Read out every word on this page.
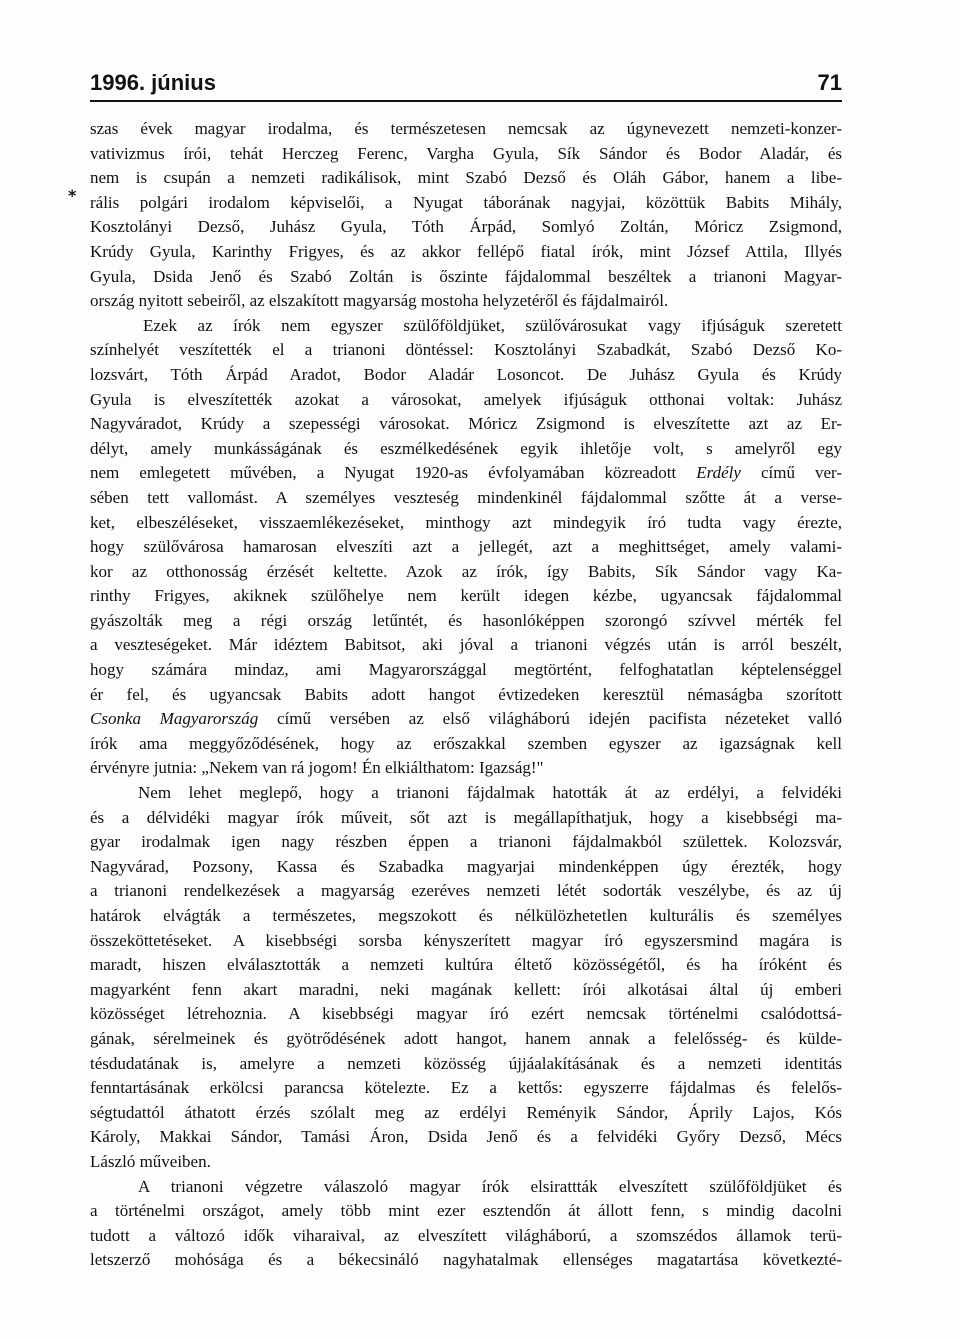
1996. június	71
*
szas évek magyar irodalma, és természetesen nemcsak az úgynevezett nemzeti-konzer-
vativizmus írói, tehát Herczeg Ferenc, Vargha Gyula, Sík Sándor és Bodor Aladár, és
nem is csupán a nemzeti radikálisok, mint Szabó Dezső és Oláh Gábor, hanem a libe-
rális polgári irodalom képviselői, a Nyugat táborának nagyjai, közöttük Babits Mihály,
Kosztolányi Dezső, Juhász Gyula, Tóth Árpád, Somlyó Zoltán, Móricz Zsigmond,
Krúdy Gyula, Karinthy Frigyes, és az akkor fellépő fiatal írók, mint József Attila, Illyés
Gyula, Dsida Jenő és Szabó Zoltán is őszinte fájdalommal beszéltek a trianoni Magyar-
ország nyitott sebeiről, az elszakított magyarság mostoha helyzetéről és fájdalmairól.
Ezek az írók nem egyszer szülőföldjüket, szülővárosukat vagy ifjúságuk szeretett
színhelyét veszítették el a trianoni döntéssel: Kosztolányi Szabadkát, Szabó Dezső Ko-
lozsvárt, Tóth Árpád Aradot, Bodor Aladár Losoncot. De Juhász Gyula és Krúdy
Gyula is elveszítették azokat a városokat, amelyek ifjúságuk otthonai voltak: Juhász
Nagyváradot, Krúdy a szepességi városokat. Móricz Zsigmond is elveszítette azt az Er-
délyt, amely munkásságának és eszmélkedésének egyik ihletője volt, s amelyről egy
nem emlegetett művében, a Nyugat 1920-as évfolyamában közreadott Erdély című ver-
sében tett vallomást. A személyes veszteség mindenkinél fájdalommal szőtte át a verse-
ket, elbeszéléseket, visszaemlékezéseket, minthogy azt mindegyik író tudta vagy érezte,
hogy szülővárosa hamarosan elveszíti azt a jellegét, azt a meghittséget, amely valami-
kor az otthonosság érzését keltette. Azok az írók, így Babits, Sík Sándor vagy Ka-
rinthy Frigyes, akiknek szülőhelye nem került idegen kézbe, ugyancsak fájdalommal
gyászolták meg a régi ország letűntét, és hasonlóképpen szorongó szívvel mérték fel
a veszteségeket. Már idéztem Babitsot, aki jóval a trianoni végzés után is arról beszélt,
hogy számára mindaz, ami Magyarországgal megtörtént, felfoghatatlan képtelenséggel
ér fel, és ugyancsak Babits adott hangot évtizedeken keresztül némaságba szorított
Csonka Magyarország című versében az első világháború idején pacifista nézeteket valló
írók ama meggyőződésének, hogy az erőszakkal szemben egyszer az igazságnak kell
érvényre jutnia: „Nekem van rá jogom! Én elkiálthatom: Igazság!"
Nem lehet meglepő, hogy a trianoni fájdalmak hatották át az erdélyi, a felvidéki
és a délvidéki magyar írók műveit, sőt azt is megállapíthatjuk, hogy a kisebbségi ma-
gyar irodalmak igen nagy részben éppen a trianoni fájdalmakból születtek. Kolozsvár,
Nagyvárad, Pozsony, Kassa és Szabadka magyarjai mindenképpen úgy érezték, hogy
a trianoni rendelkezések a magyarság ezeréves nemzeti létét sodorták veszélybe, és az új
határok elvágták a természetes, megszokott és nélkülözhetetlen kulturális és személyes
összeköttetéseket. A kisebbségi sorsba kényszerített magyar író egyszersmind magára is
maradt, hiszen elválasztották a nemzeti kultúra éltető közösségétől, és ha íróként és
magyarként fenn akart maradni, neki magának kellett: írói alkotásai által új emberi
közösséget létrehoznia. A kisebbségi magyar író ezért nemcsak történelmi csalódottsá-
gának, sérelmeinek és gyötrődésének adott hangot, hanem annak a felelősség- és külde-
tésdudatának is, amelyre a nemzeti közösség újjáalakításának és a nemzeti identitás
fenntartásának erkölcsi parancsa kötelezte. Ez a kettős: egyszerre fájdalmas és felelős-
ségtudattól áthatott érzés szólalt meg az erdélyi Reményik Sándor, Áprily Lajos, Kós
Károly, Makkai Sándor, Tamási Áron, Dsida Jenő és a felvidéki Győry Dezső, Mécs
László műveiben.
A trianoni végzetre válaszoló magyar írók elsirattták elveszített szülőföldjüket és
a történelmi országot, amely több mint ezer esztendőn át állott fenn, s mindig dacolni
tudott a változó idők viharaival, az elveszített világháború, a szomszédos államok terü-
letszerző mohósága és a békecsináló nagyhatalmak ellenséges magatartása következté-
